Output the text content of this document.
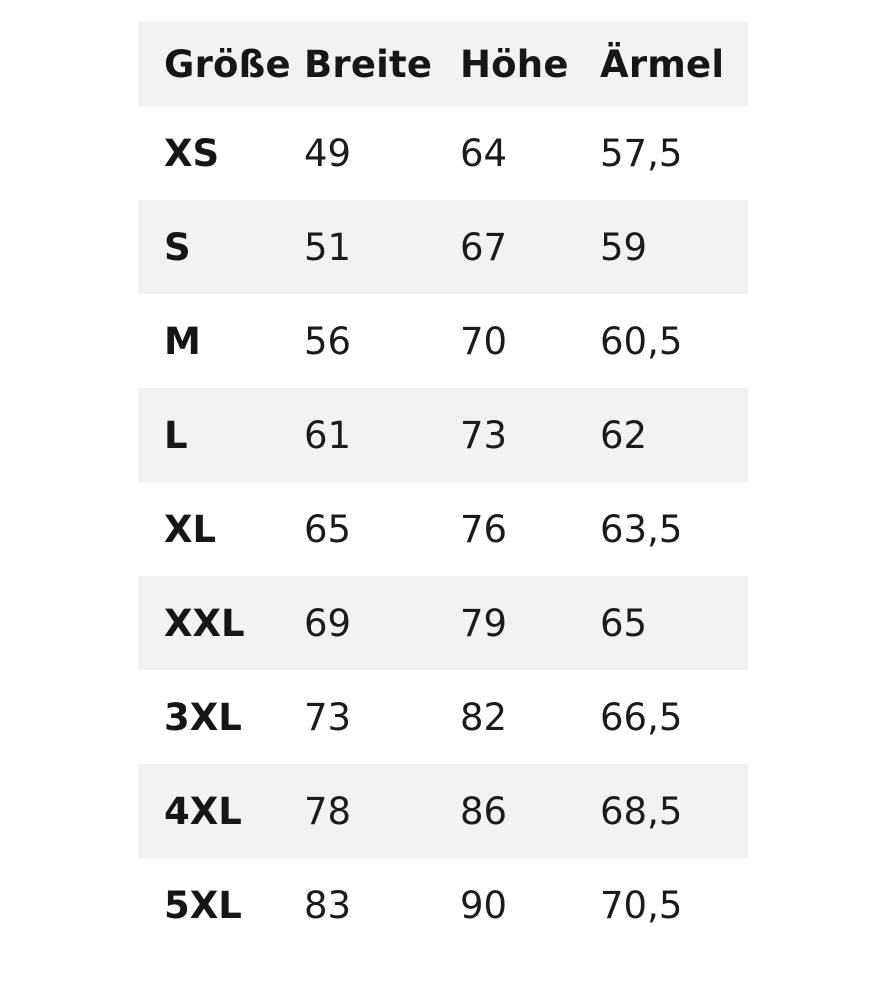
Größe	Breite	Höhe	Ärmel
XS	49	64	57,5
S	51	67	59
M	56	70	60,5
L	61	73	62
XL	65	76	63,5
XXL	69	79	65
3XL	73	82	66,5
4XL	78	86	68,5
5XL	83	90	70,5
